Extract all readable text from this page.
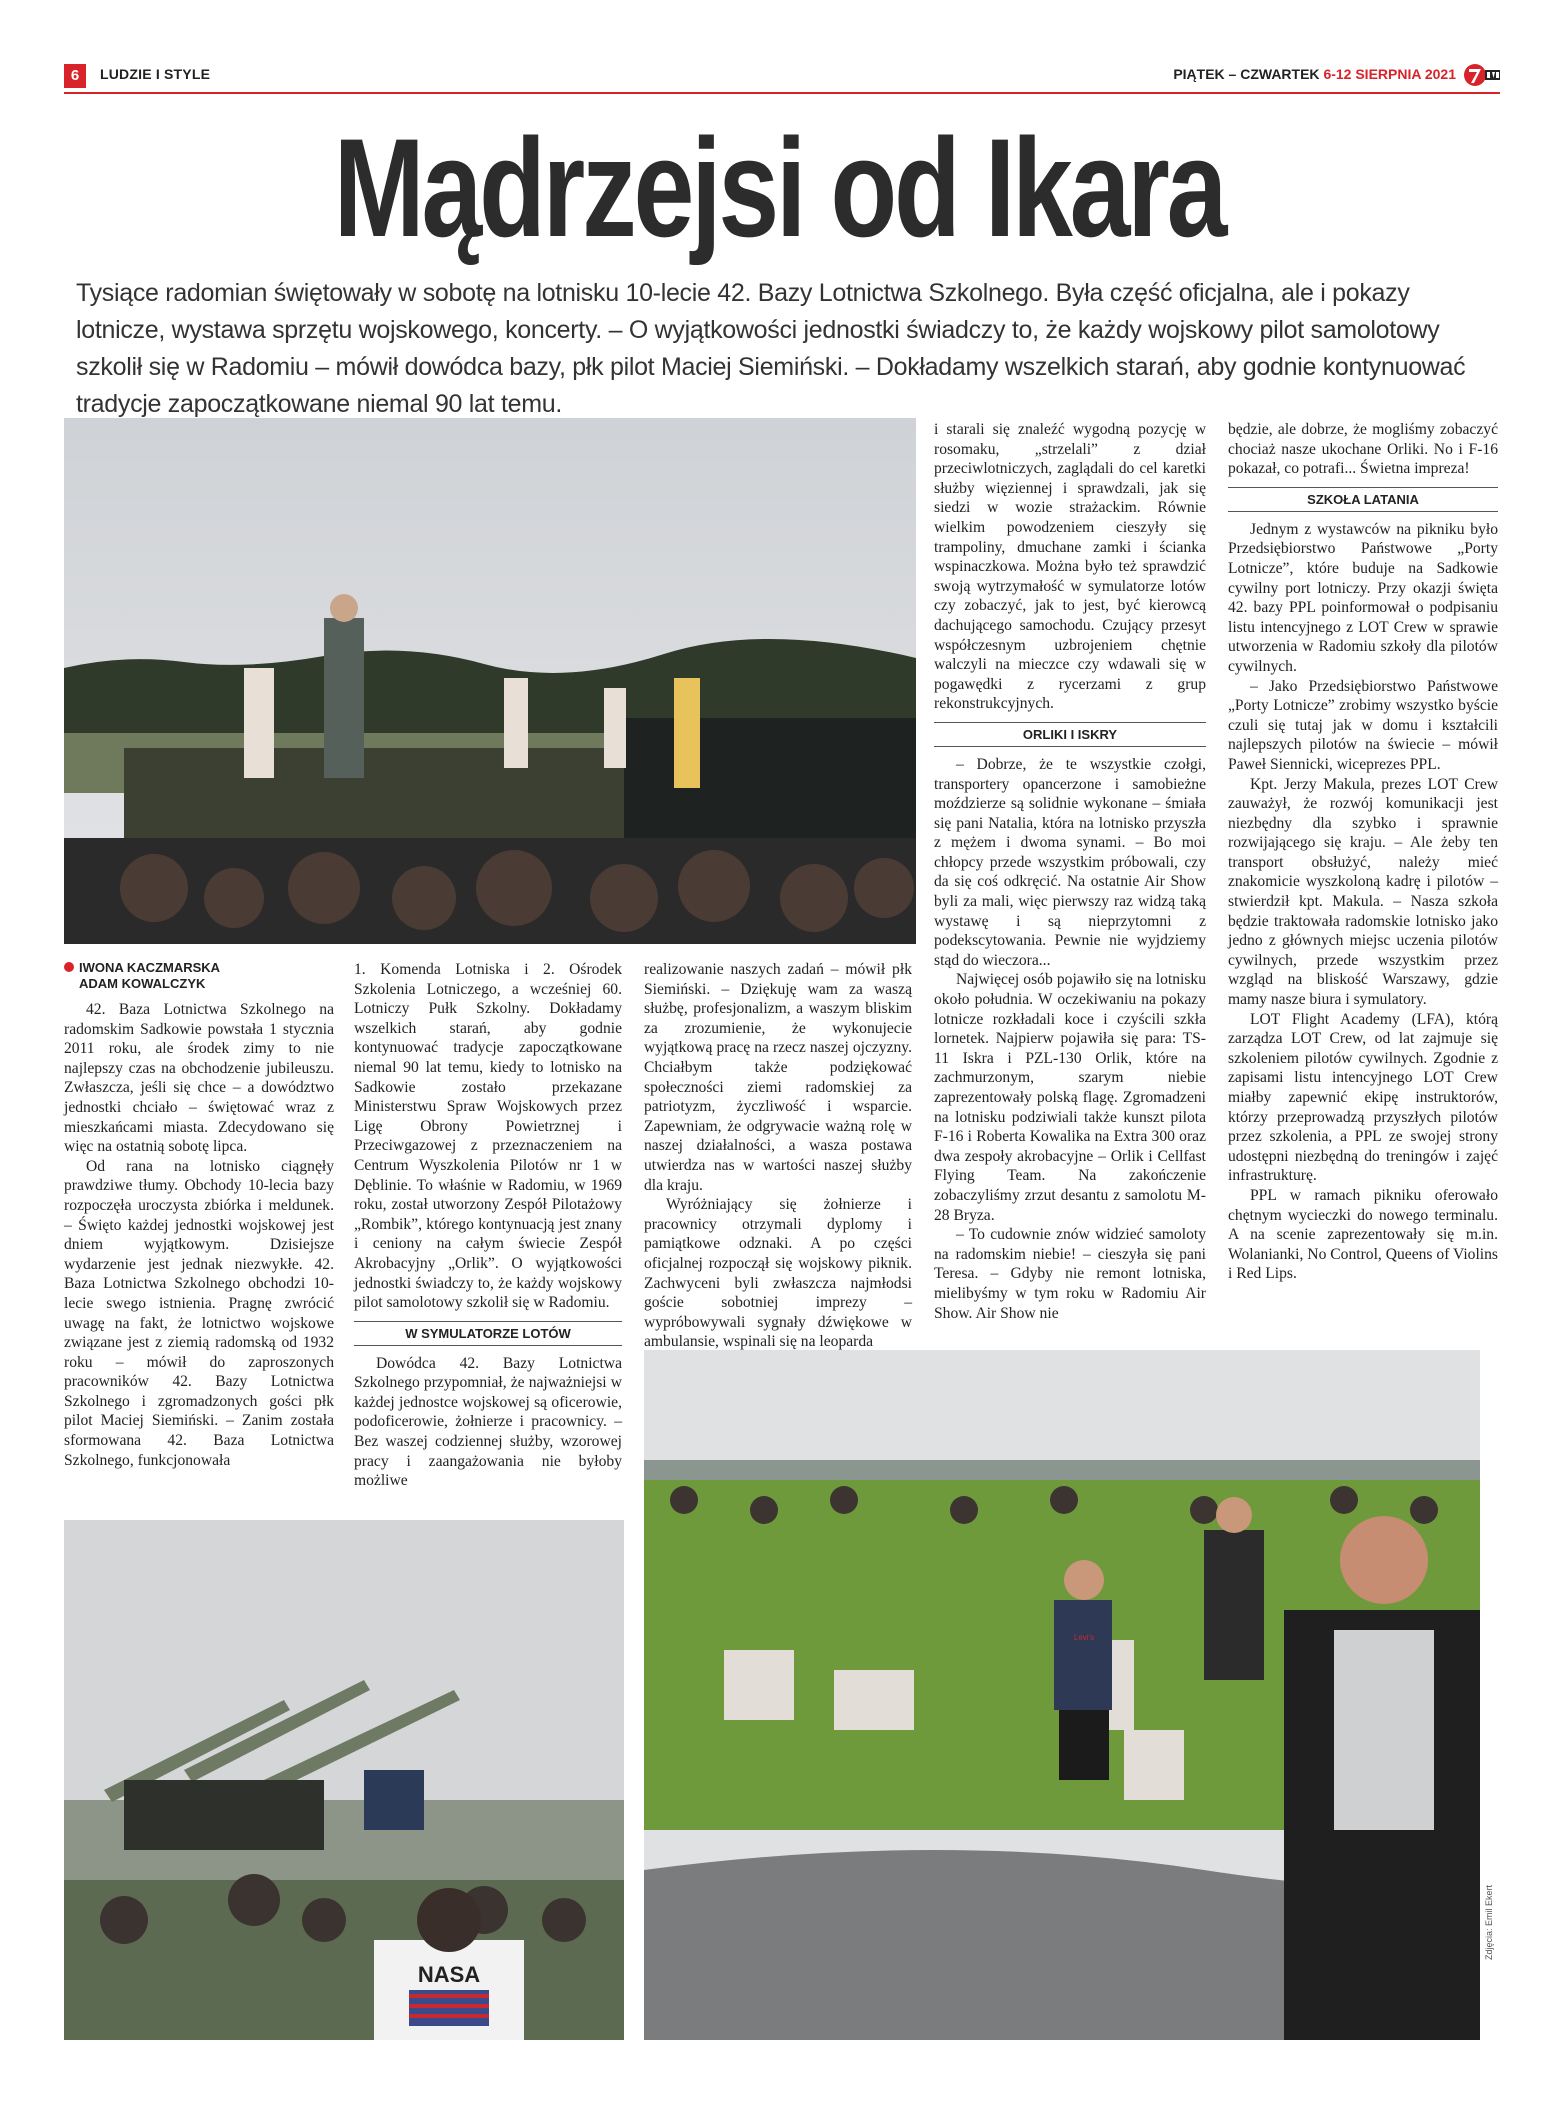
6	LUDZIE I STYLE	PIĄTEK – CZWARTEK 6-12 SIERPNIA 2021
Mądrzejsi od Ikara
Tysiące radomian świętowały w sobotę na lotnisku 10-lecie 42. Bazy Lotnictwa Szkolnego. Była część oficjalna, ale i pokazy lotnicze, wystawa sprzętu wojskowego, koncerty. – O wyjątkowości jednostki świadczy to, że każdy wojskowy pilot samolotowy szkolił się w Radomiu – mówił dowódca bazy, płk pilot Maciej Siemiński. – Dokładamy wszelkich starań, aby godnie kontynuować tradycje zapoczątkowane niemal 90 lat temu.
IWONA KACZMARSKA
ADAM KOWALCZYK

42. Baza Lotnictwa Szkolnego na radomskim Sadkowie powstała 1 stycznia 2011 roku, ale środek zimy to nie najlepszy czas na obchodzenie jubileuszu. Zwłaszcza, jeśli się chce – a dowództwo jednostki chciało – świętować wraz z mieszkańcami miasta. Zdecydowano się więc na ostatnią sobotę lipca.

Od rana na lotnisko ciągnęły prawdziwe tłumy. Obchody 10-lecia bazy rozpoczęła uroczysta zbiórka i meldunek. – Święto każdej jednostki wojskowej jest dniem wyjątkowym. Dzisiejsze wydarzenie jest jednak niezwykłe. 42. Baza Lotnictwa Szkolnego obchodzi 10-lecie swego istnienia. Pragnę zwrócić uwagę na fakt, że lotnictwo wojskowe związane jest z ziemią radomską od 1932 roku – mówił do zaproszonych pracowników 42. Bazy Lotnictwa Szkolnego i zgromadzonych gości płk pilot Maciej Siemiński. – Zanim została sformowana 42. Baza Lotnictwa Szkolnego, funkcjonowała

1. Komenda Lotniska i 2. Ośrodek Szkolenia Lotniczego, a wcześniej 60. Lotniczy Pułk Szkolny. Dokładamy wszelkich starań, aby godnie kontynuować tradycje zapoczątkowane niemal 90 lat temu, kiedy to lotnisko na Sadkowie zostało przekazane Ministerstwu Spraw Wojskowych przez Ligę Obrony Powietrznej i Przeciwgazowej z przeznaczeniem na Centrum Wyszkolenia Pilotów nr 1 w Dęblinie. To właśnie w Radomiu, w 1969 roku, został utworzony Zespół Pilotażowy „Rombik”, którego kontynuacją jest znany i ceniony na całym świecie Zespół Akrobacyjny „Orlik”. O wyjątkowości jednostki świadczy to, że każdy wojskowy pilot samolotowy szkolił się w Radomiu.

W SYMULATORZE LOTÓW

Dowódca 42. Bazy Lotnictwa Szkolnego przypomniał, że najważniejsi w każdej jednostce wojskowej są oficerowie, podoficerowie, żołnierze i pracownicy. – Bez waszej codziennej służby, wzorowej pracy i zaangażowania nie byłoby możliwe

realizowanie naszych zadań – mówił płk Siemiński. – Dziękuję wam za waszą służbę, profesjonalizm, a waszym bliskim za zrozumienie, że wykonujecie wyjątkową pracę na rzecz naszej ojczyzny. Chciałbym także podziękować społeczności ziemi radomskiej za patriotyzm, życzliwość i wsparcie. Zapewniam, że odgrywacie ważną rolę w naszej działalności, a wasza postawa utwierdza nas w wartości naszej służby dla kraju.

Wyróżniający się żołnierze i pracownicy otrzymali dyplomy i pamiątkowe odznaki. A po części oficjalnej rozpoczął się wojskowy piknik. Zachwyceni byli zwłaszcza najmłodsi goście sobotniej imprezy – wypróbowywali sygnały dźwiękowe w ambulansie, wspinali się na leoparda

i starali się znaleźć wygodną pozycję w rosomaku, „strzelali” z dział przeciwlotniczych, zaglądali do cel karetki służby więziennej i sprawdzali, jak się siedzi w wozie strażackim. Równie wielkim powodzeniem cieszyły się trampoliny, dmuchane zamki i ścianka wspinaczkowa. Można było też sprawdzić swoją wytrzymałość w symulatorze lotów czy zobaczyć, jak to jest, być kierowcą dachującego samochodu. Czujący przesyt współczesnym uzbrojeniem chętnie walczyli na mieczce czy wdawali się w pogawędki z rycerzami z grup rekonstrukcyjnych.

ORLIKI I ISKRY

– Dobrze, że te wszystkie czołgi, transportery opancerzone i samobieżne moździerze są solidnie wykonane – śmiała się pani Natalia, która na lotnisko przyszła z mężem i dwoma synami. – Bo moi chłopcy przede wszystkim próbowali, czy da się coś odkręcić. Na ostatnie Air Show byli za mali, więc pierwszy raz widzą taką wystawę i są nieprzytomni z podekscytowania. Pewnie nie wyjdziemy stąd do wieczora...

Najwięcej osób pojawiło się na lotnisku około południa. W oczekiwaniu na pokazy lotnicze rozkładali koce i czyścili szkła lornetek. Najpierw pojawiła się para: TS-11 Iskra i PZL-130 Orlik, które na zachmurzonym, szarym niebie zaprezentowały polską flagę. Zgromadzeni na lotnisku podziwiali także kunszt pilota F-16 i Roberta Kowalika na Extra 300 oraz dwa zespoły akrobacyjne – Orlik i Cellfast Flying Team. Na zakończenie zobaczyliśmy zrzut desantu z samolotu M-28 Bryza.

– To cudownie znów widzieć samoloty na radomskim niebie! – cieszyła się pani Teresa. – Gdyby nie remont lotniska, mielibyśmy w tym roku w Radomiu Air Show. Air Show nie

będzie, ale dobrze, że mogliśmy zobaczyć chociaż nasze ukochane Orliki. No i F-16 pokazał, co potrafi... Świetna impreza!

SZKOŁA LATANIA

Jednym z wystawców na pikniku było Przedsiębiorstwo Państwowe „Porty Lotnicze”, które buduje na Sadkowie cywilny port lotniczy. Przy okazji święta 42. bazy PPL poinformował o podpisaniu listu intencyjnego z LOT Crew w sprawie utworzenia w Radomiu szkoły dla pilotów cywilnych.

– Jako Przedsiębiorstwo Państwowe „Porty Lotnicze” zrobimy wszystko byście czuli się tutaj jak w domu i kształcili najlepszych pilotów na świecie – mówił Paweł Siennicki, wiceprezes PPL.

Kpt. Jerzy Makula, prezes LOT Crew zauważył, że rozwój komunikacji jest niezbędny dla szybko i sprawnie rozwijającego się kraju. – Ale żeby ten transport obsłużyć, należy mieć znakomicie wyszkoloną kadrę i pilotów – stwierdził kpt. Makula. – Nasza szkoła będzie traktowała radomskie lotnisko jako jedno z głównych miejsc uczenia pilotów cywilnych, przede wszystkim przez wzgląd na bliskość Warszawy, gdzie mamy nasze biura i symulatory.

LOT Flight Academy (LFA), którą zarządza LOT Crew, od lat zajmuje się szkoleniem pilotów cywilnych. Zgodnie z zapisami listu intencyjnego LOT Crew miałby zapewnić ekipę instruktorów, którzy przeprowadzą przyszłych pilotów przez szkolenia, a PPL ze swojej strony udostępni niezbędną do treningów i zajęć infrastrukturę.

PPL w ramach pikniku oferowało chętnym wycieczki do nowego terminalu. A na scenie zaprezentowały się m.in. Wolanianki, No Control, Queens of Violins i Red Lips.

NASA
Levi's
Zdjęcia: Emil Ekert
